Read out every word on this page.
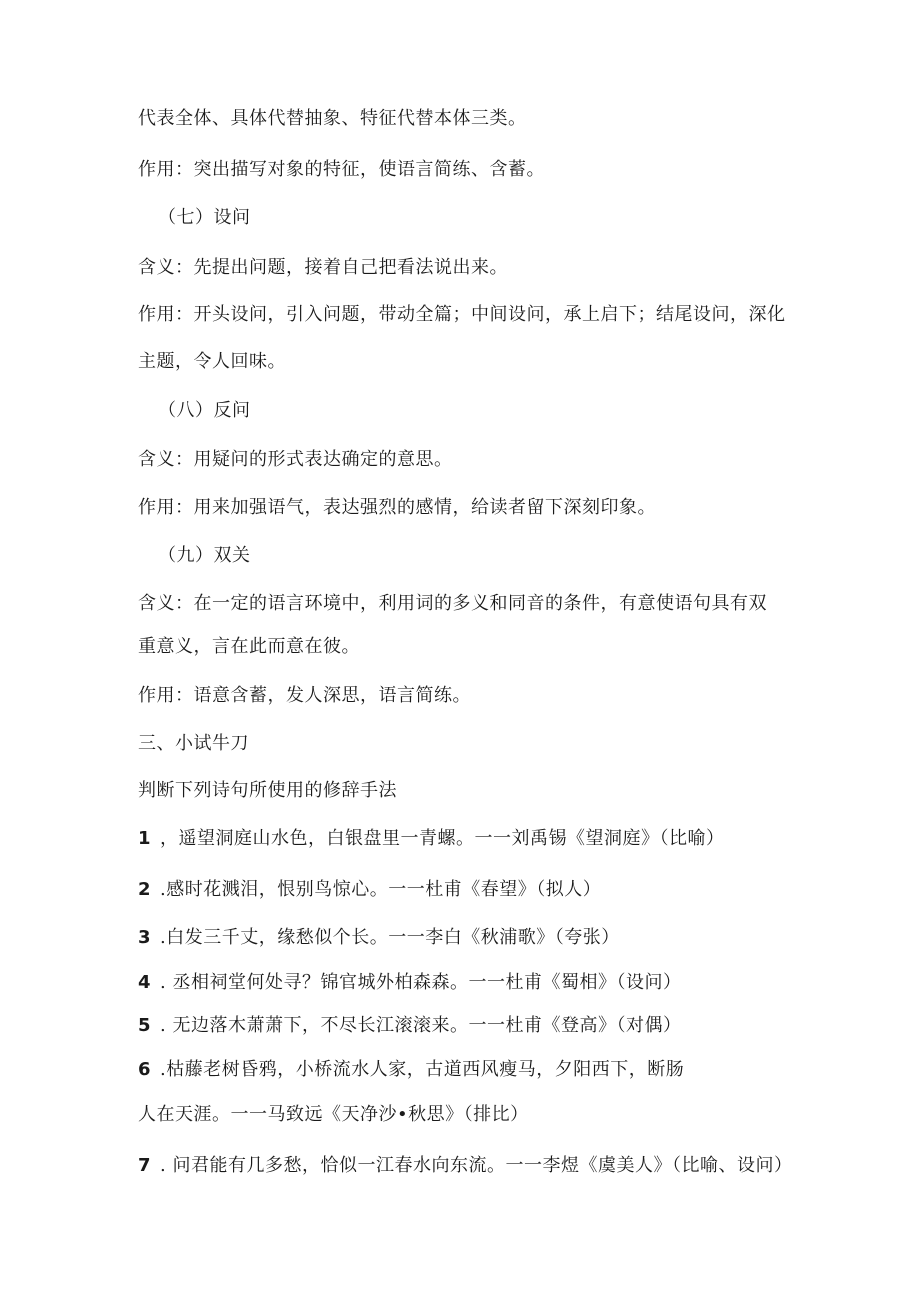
代表全体、具体代替抽象、特征代替本体三类。
作用：突出描写对象的特征，使语言简练、含蓄。
（七）设问
含义：先提出问题，接着自己把看法说出来。
作用：开头设问，引入问题，带动全篇；中间设问，承上启下；结尾设问，深化
主题，令人回味。
（八）反问
含义：用疑问的形式表达确定的意思。
作用：用来加强语气，表达强烈的感情，给读者留下深刻印象。
（九）双关
含义：在一定的语言环境中，利用词的多义和同音的条件，有意使语句具有双
重意义，言在此而意在彼。
作用：语意含蓄，发人深思，语言简练。
三、小试牛刀
判断下列诗句所使用的修辞手法
1 ，遥望洞庭山水色，白银盘里一青螺。一一刘禹锡《望洞庭》（比喻）
2 .感时花溅泪，恨别鸟惊心。一一杜甫《春望》（拟人）
3 .白发三千丈，缘愁似个长。一一李白《秋浦歌》（夸张）
4 . 丞相祠堂何处寻？锦官城外柏森森。一一杜甫《蜀相》（设问）
5 . 无边落木萧萧下，不尽长江滚滚来。一一杜甫《登高》（对偶）
6 .枯藤老树昏鸦，小桥流水人家，古道西风瘦马，夕阳西下，断肠
人在天涯。一一马致远《天净沙•秋思》（排比）
7 . 问君能有几多愁，恰似一江春水向东流。一一李煜《虞美人》（比喻、设问）
